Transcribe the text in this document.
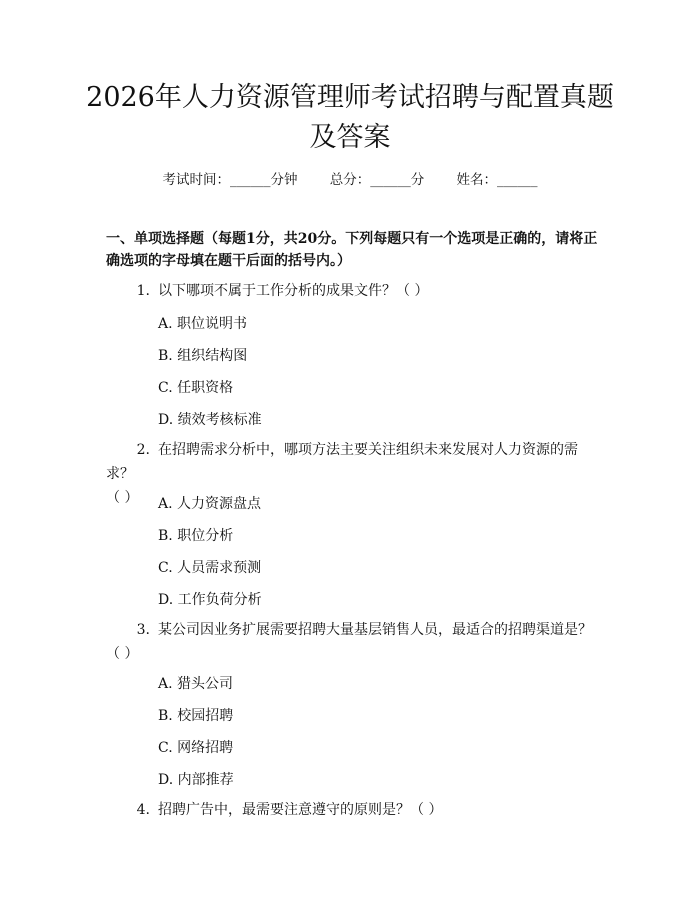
2026年人力资源管理师考试招聘与配置真题
及答案
考试时间：______分钟 总分：______分 姓名：______
一、单项选择题（每题1分，共20分。下列每题只有一个选项是正确的，请将正确选项的字母填在题干后面的括号内。）
1. 以下哪项不属于工作分析的成果文件？（ ）
A. 职位说明书
B. 组织结构图
C. 任职资格
D. 绩效考核标准
2. 在招聘需求分析中，哪项方法主要关注组织未来发展对人力资源的需求？
（ ）	A. 人力资源盘点
B. 职位分析
C. 人员需求预测
D. 工作负荷分析
3. 某公司因业务扩展需要招聘大量基层销售人员，最适合的招聘渠道是？
（ ）
A. 猎头公司
B. 校园招聘
C. 网络招聘
D. 内部推荐
4. 招聘广告中，最需要注意遵守的原则是？（ ）
